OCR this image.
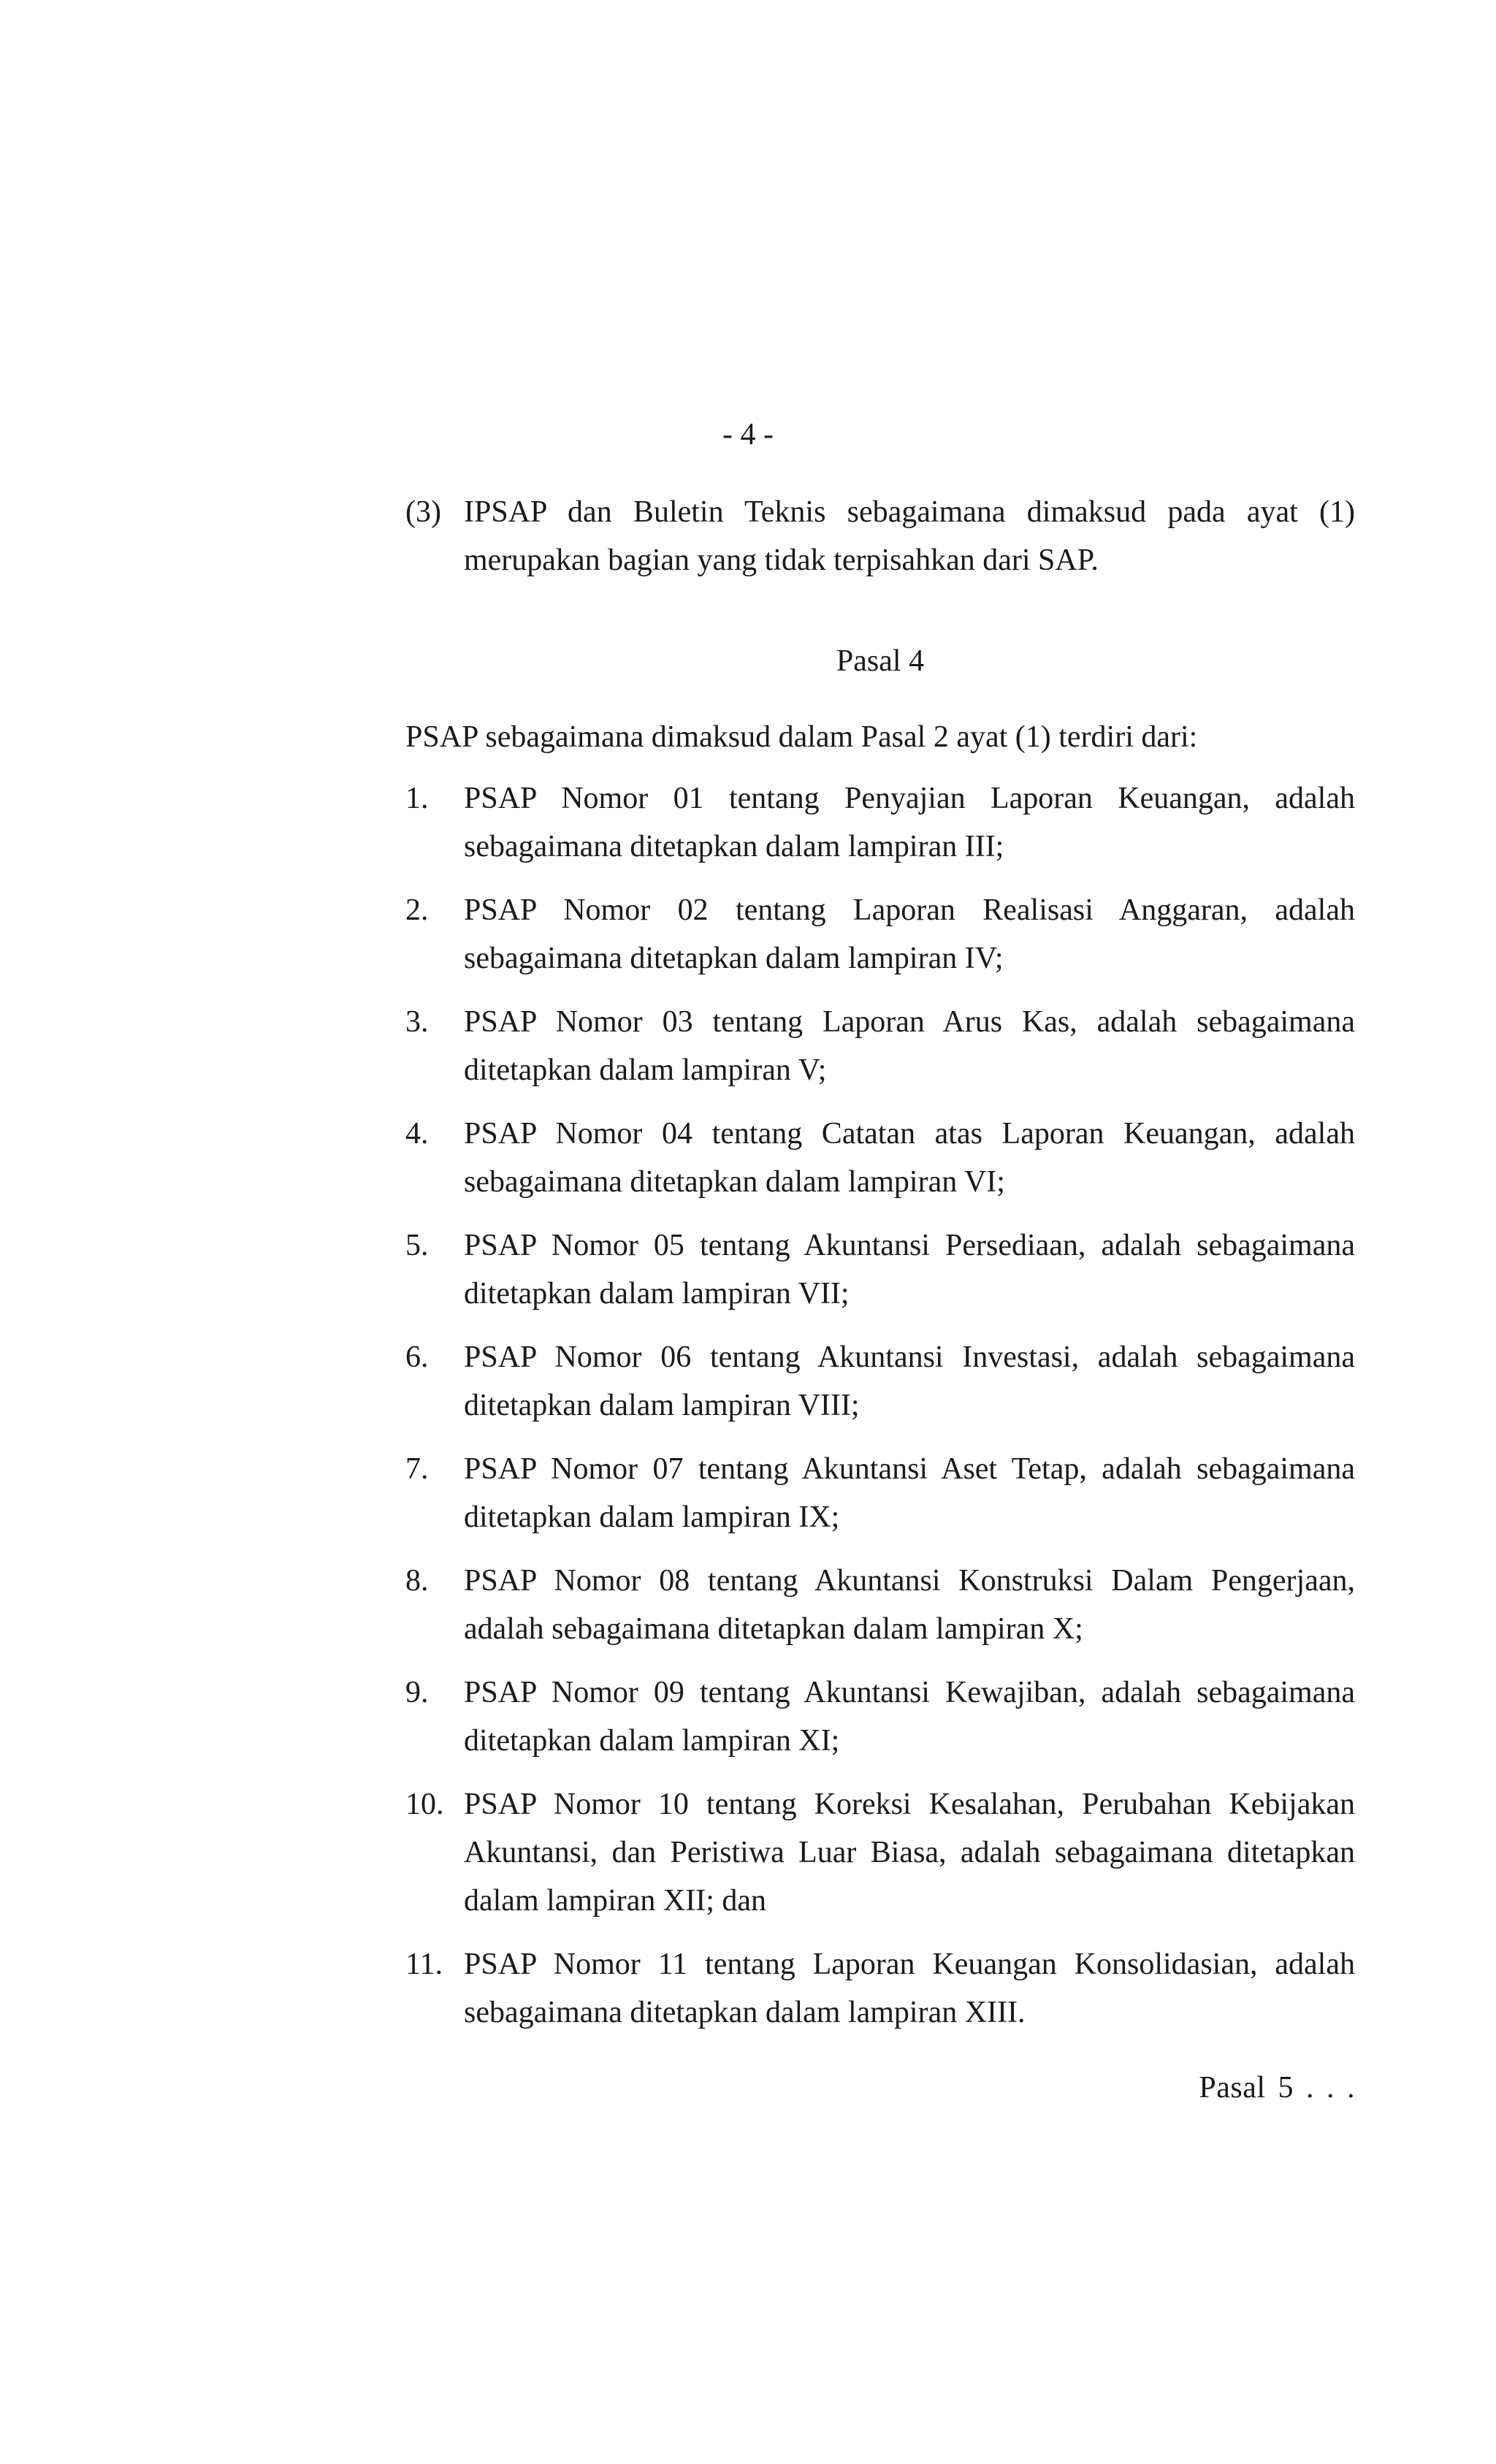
- 4 -
(3) IPSAP dan Buletin Teknis sebagaimana dimaksud pada ayat (1)
merupakan bagian yang tidak terpisahkan dari SAP.
Pasal 4
PSAP sebagaimana dimaksud dalam Pasal 2 ayat (1) terdiri dari:
1.	PSAP Nomor 01 tentang Penyajian Laporan Keuangan, adalah
sebagaimana ditetapkan dalam lampiran III;
2.	PSAP Nomor 02 tentang Laporan Realisasi Anggaran, adalah
sebagaimana ditetapkan dalam lampiran IV;
3.	PSAP Nomor 03 tentang Laporan Arus Kas, adalah sebagaimana
ditetapkan dalam lampiran V;
4.	PSAP Nomor 04 tentang Catatan atas Laporan Keuangan, adalah
sebagaimana ditetapkan dalam lampiran VI;
5.	PSAP Nomor 05 tentang Akuntansi Persediaan, adalah sebagaimana
ditetapkan dalam lampiran VII;
6.	PSAP Nomor 06 tentang Akuntansi Investasi, adalah sebagaimana
ditetapkan dalam lampiran VIII;
7.	PSAP Nomor 07 tentang Akuntansi Aset Tetap, adalah sebagaimana
ditetapkan dalam lampiran IX;
8.	PSAP Nomor 08 tentang Akuntansi Konstruksi Dalam Pengerjaan,
adalah sebagaimana ditetapkan dalam lampiran X;
9.	PSAP Nomor 09 tentang Akuntansi Kewajiban, adalah sebagaimana
ditetapkan dalam lampiran XI;
10. PSAP Nomor 10 tentang Koreksi Kesalahan, Perubahan Kebijakan
Akuntansi, dan Peristiwa Luar Biasa, adalah sebagaimana ditetapkan
dalam lampiran XII; dan
11. PSAP Nomor 11 tentang Laporan Keuangan Konsolidasian, adalah
sebagaimana ditetapkan dalam lampiran XIII.
Pasal 5 . . .
